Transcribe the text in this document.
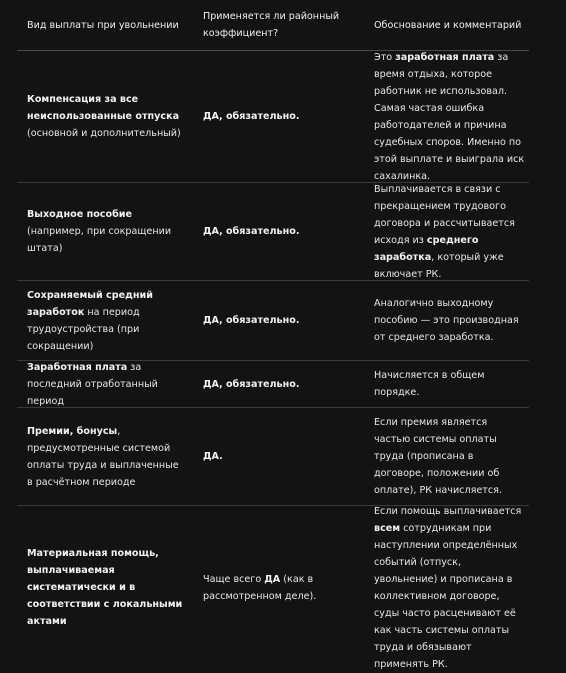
Вид выплаты при увольнении
Применяется ли районный коэффициент?
Обоснование и комментарий
Компенсация за все неиспользованные отпуска (основной и дополнительный)
ДА, обязательно.
Это заработная плата за время отдыха, которое работник не использовал. Самая частая ошибка работодателей и причина судебных споров. Именно по этой выплате и выиграла иск сахалинка.
Выходное пособие (например, при сокращении штата)
ДА, обязательно.
Выплачивается в связи с прекращением трудового договора и рассчитывается исходя из среднего заработка, который уже включает РК.
Сохраняемый средний заработок на период трудоустройства (при сокращении)
ДА, обязательно.
Аналогично выходному пособию — это производная от среднего заработка.
Заработная плата за последний отработанный период
ДА, обязательно.
Начисляется в общем порядке.
Премии, бонусы, предусмотренные системой оплаты труда и выплаченные в расчётном периоде
ДА.
Если премия является частью системы оплаты труда (прописана в договоре, положении об оплате), РК начисляется.
Материальная помощь, выплачиваемая систематически и в соответствии с локальными актами
Чаще всего ДА (как в рассмотренном деле).
Если помощь выплачивается всем сотрудникам при наступлении определённых событий (отпуск, увольнение) и прописана в коллективном договоре, суды часто расценивают её как часть системы оплаты труда и обязывают применять РК.
